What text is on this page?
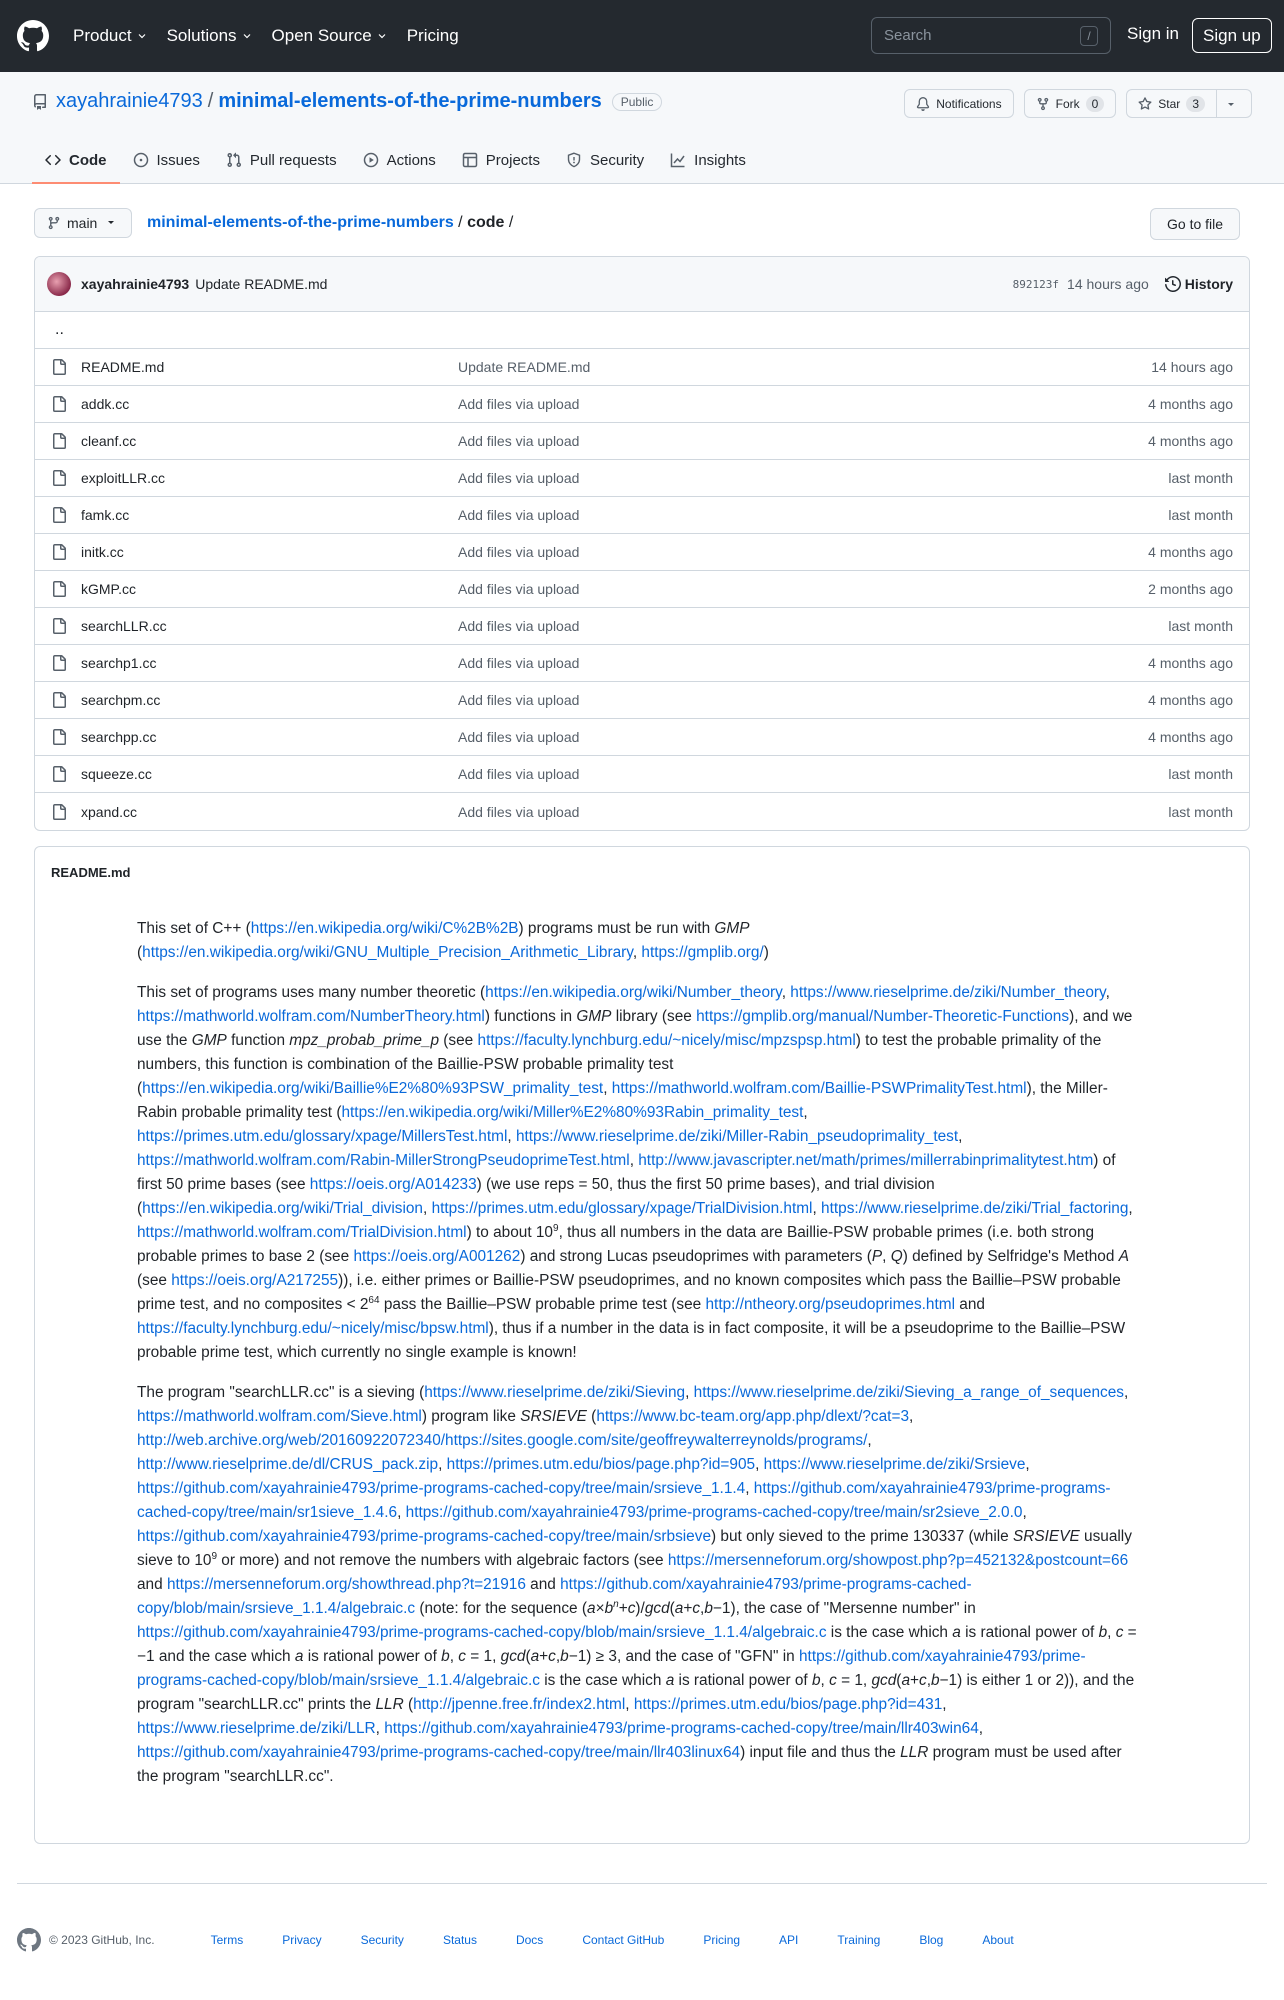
Product Solutions Open Source Pricing	Search	/	Sign in	Sign up
xayahrainie4793 / minimal-elements-of-the-prime-numbers	Public	Notifications	Fork	0	Star	3
Code	Issues	Pull requests	Actions	Projects	Security	Insights
main	minimal-elements-of-the-prime-numbers / code /	Go to file
xayahrainie4793 Update README.md	892123f 14 hours ago	History
..
README.md	Update README.md	14 hours ago
addk.cc	Add files via upload	4 months ago
cleanf.cc	Add files via upload	4 months ago
exploitLLR.cc	Add files via upload	last month
famk.cc	Add files via upload	last month
initk.cc	Add files via upload	4 months ago
kGMP.cc	Add files via upload	2 months ago
searchLLR.cc	Add files via upload	last month
searchp1.cc	Add files via upload	4 months ago
searchpm.cc	Add files via upload	4 months ago
searchpp.cc	Add files via upload	4 months ago
squeeze.cc	Add files via upload	last month
xpand.cc	Add files via upload	last month
README.md

This set of C++ (https://en.wikipedia.org/wiki/C%2B%2B) programs must be run with GMP (https://en.wikipedia.org/wiki/GNU_Multiple_Precision_Arithmetic_Library, https://gmplib.org/)

This set of programs uses many number theoretic (https://en.wikipedia.org/wiki/Number_theory, https://www.rieselprime.de/ziki/Number_theory, https://mathworld.wolfram.com/NumberTheory.html) functions in GMP library (see https://gmplib.org/manual/Number-Theoretic-Functions), and we use the GMP function mpz_probab_prime_p (see https://faculty.lynchburg.edu/~nicely/misc/mpzspsp.html) to test the probable primality of the numbers, this function is combination of the Baillie-PSW probable primality test (https://en.wikipedia.org/wiki/Baillie%E2%80%93PSW_primality_test, https://mathworld.wolfram.com/Baillie-PSWPrimalityTest.html), the Miller-Rabin probable primality test (https://en.wikipedia.org/wiki/Miller%E2%80%93Rabin_primality_test, https://primes.utm.edu/glossary/xpage/MillersTest.html, https://www.rieselprime.de/ziki/Miller-Rabin_pseudoprimality_test, https://mathworld.wolfram.com/Rabin-MillerStrongPseudoprimeTest.html, http://www.javascripter.net/math/primes/millerrabinprimalitytest.htm) of first 50 prime bases (see https://oeis.org/A014233) (we use reps = 50, thus the first 50 prime bases), and trial division (https://en.wikipedia.org/wiki/Trial_division, https://primes.utm.edu/glossary/xpage/TrialDivision.html, https://www.rieselprime.de/ziki/Trial_factoring, https://mathworld.wolfram.com/TrialDivision.html) to about $10^9$, thus all numbers in the data are Baillie-PSW probable primes (i.e. both strong probable primes to base 2 (see https://oeis.org/A001262) and strong Lucas pseudoprimes with parameters (P, Q) defined by Selfridge's Method A (see https://oeis.org/A217255)), i.e. either primes or Baillie-PSW pseudoprimes, and no known composites which pass the Baillie–PSW probable prime test, and no composites < $2^{64}$ pass the Baillie–PSW probable prime test (see http://ntheory.org/pseudoprimes.html and https://faculty.lynchburg.edu/~nicely/misc/bpsw.html), thus if a number in the data is in fact composite, it will be a pseudoprime to the Baillie–PSW probable prime test, which currently no single example is known!

The program "searchLLR.cc" is a sieving (https://www.rieselprime.de/ziki/Sieving, https://www.rieselprime.de/ziki/Sieving_a_range_of_sequences, https://mathworld.wolfram.com/Sieve.html) program like SRSIEVE (https://www.bc-team.org/app.php/dlext/?cat=3, http://web.archive.org/web/20160922072340/https://sites.google.com/site/geoffreywalterreynolds/programs/, http://www.rieselprime.de/dl/CRUS_pack.zip, https://primes.utm.edu/bios/page.php?id=905, https://www.rieselprime.de/ziki/Srsieve, https://github.com/xayahrainie4793/prime-programs-cached-copy/tree/main/srsieve_1.1.4, https://github.com/xayahrainie4793/prime-programs-cached-copy/tree/main/sr1sieve_1.4.6, https://github.com/xayahrainie4793/prime-programs-cached-copy/tree/main/sr2sieve_2.0.0, https://github.com/xayahrainie4793/prime-programs-cached-copy/tree/main/srbsieve) but only sieved to the prime 130337 (while SRSIEVE usually sieve to $10^9$ or more) and not remove the numbers with algebraic factors (see https://mersenneforum.org/showpost.php?p=452132&postcount=66 and https://mersenneforum.org/showthread.php?t=21916 and https://github.com/xayahrainie4793/prime-programs-cached-copy/blob/main/srsieve_1.1.4/algebraic.c (note: for the sequence $(a\times b^n+c)/\gcd(a+c,b-1)$, the case of "Mersenne number" in https://github.com/xayahrainie4793/prime-programs-cached-copy/blob/main/srsieve_1.1.4/algebraic.c is the case which a is rational power of b, c = −1 and the case which a is rational power of b, c = 1, gcd(a+c,b−1) ≥ 3, and the case of "GFN" in https://github.com/xayahrainie4793/prime-programs-cached-copy/blob/main/srsieve_1.1.4/algebraic.c is the case which a is rational power of b, c = 1, gcd(a+c,b−1) is either 1 or 2)), and the program "searchLLR.cc" prints the LLR (http://jpenne.free.fr/index2.html, https://primes.utm.edu/bios/page.php?id=431, https://www.rieselprime.de/ziki/LLR, https://github.com/xayahrainie4793/prime-programs-cached-copy/tree/main/llr403win64, https://github.com/xayahrainie4793/prime-programs-cached-copy/tree/main/llr403linux64) input file and thus the LLR program must be used after the program "searchLLR.cc".

© 2023 GitHub, Inc.	Terms	Privacy	Security	Status	Docs	Contact GitHub	Pricing	API	Training	Blog	About
